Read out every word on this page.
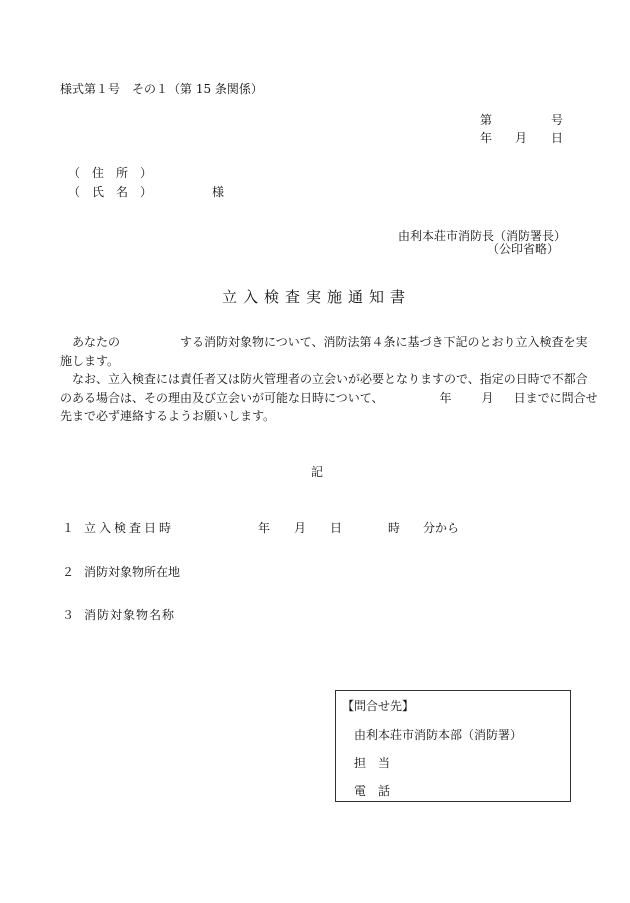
様式第１号　その１（第 15 条関係）
第	号
年 月 日
（　住　所　）
（　氏　名　）	様
由利本荘市消防長（消防署長）
（公印省略）
立入検査実施通知書
あなたの	する消防対象物について、消防法第４条に基づき下記のとおり立入検査を実
施します。
なお、立入検査には責任者又は防火管理者の立会いが必要となりますので、指定の日時で不都合
のある場合は、その理由及び立会いが可能な日時について、	年	月 日までに問合せ
先まで必ず連絡するようお願いします。
記
１ 立入検査日時	年 月 日	時 分から
２ 消防対象物所在地
３ 消防対象物名称
【問合せ先】
由利本荘市消防本部（消防署）
担　当
電　話
